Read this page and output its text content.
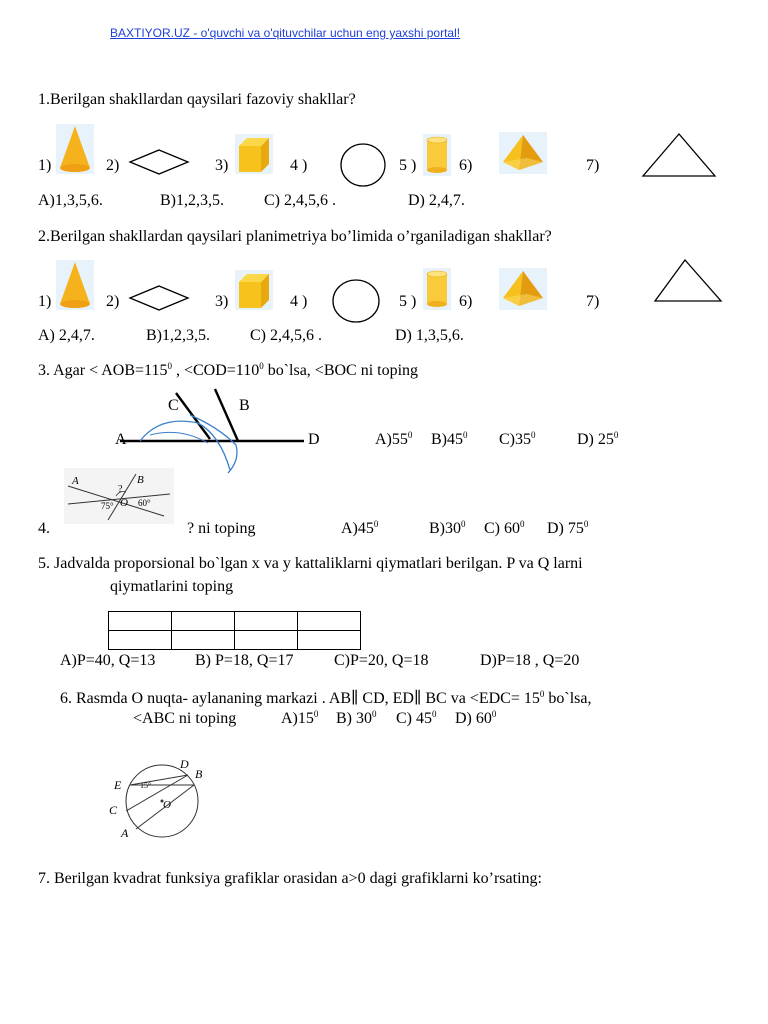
BAXTIYOR.UZ - o'quvchi va o'qituvchilar uchun eng yaxshi portal!
1.Berilgan shakllardan qaysilari fazoviy shakllar?
1)	2)	3)	4 )	5 )	6)	7)
A)1,3,5,6.	B)1,2,3,5.	C) 2,4,5,6 .	D) 2,4,7.
2.Berilgan shakllardan qaysilari planimetriya bo’limida o’rganiladigan shakllar?
1)	2)	3)	4 )	5 )	6)	7)
A) 2,4,7.	B)1,2,3,5.	C) 2,4,5,6 .	D) 1,3,5,6.
3. Agar < $AOB=115^0$ , $<COD=110^0$ bo`lsa, <BOC ni toping
A
C	B
D	$A)55^0$ $B)45^0$ $C)35^0$	D) $25^0$
A	B
?
O 60°
75°
4.	? ni toping	$A)45^0$	$B)30^0$ C) $60^0$ D) $75^0$
5. Jadvalda proporsional bo`lgan x va y kattaliklarni qiymatlari berilgan. P va Q larni
qiymatlarini toping

A)P=40, Q=13 B) P=18, Q=17	C)P=20, Q=18	D)P=18 , Q=20
6. Rasmda O nuqta- aylananing markazi . AB∥ CD, ED∥ BC va $<EDC= 15^0$ bo`lsa,
<ABC ni toping	$A)15^0$ B) $30^0$ C) $45^0$ D) $60^0$
D
B
E 15°
C	O
A
7. Berilgan kvadrat funksiya grafiklar orasidan a>0 dagi grafiklarni ko’rsating:
